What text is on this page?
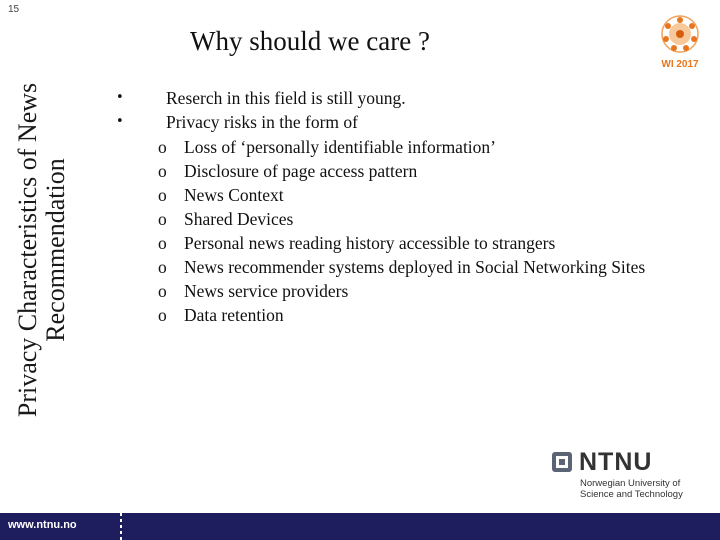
15
Privacy Characteristics of News Recommendation
WI 2017
Why should we care ?
• Reserch in this field is still young.
• Privacy risks in the form of
o Loss of ‘personally identifiable information’
o Disclosure of page access pattern
o News Context
o Shared Devices
o Personal news reading history accessible to strangers
o News recommender systems deployed in Social Networking Sites
o News service providers
o Data retention
NTNU
Norwegian University of
Science and Technology
www.ntnu.no
